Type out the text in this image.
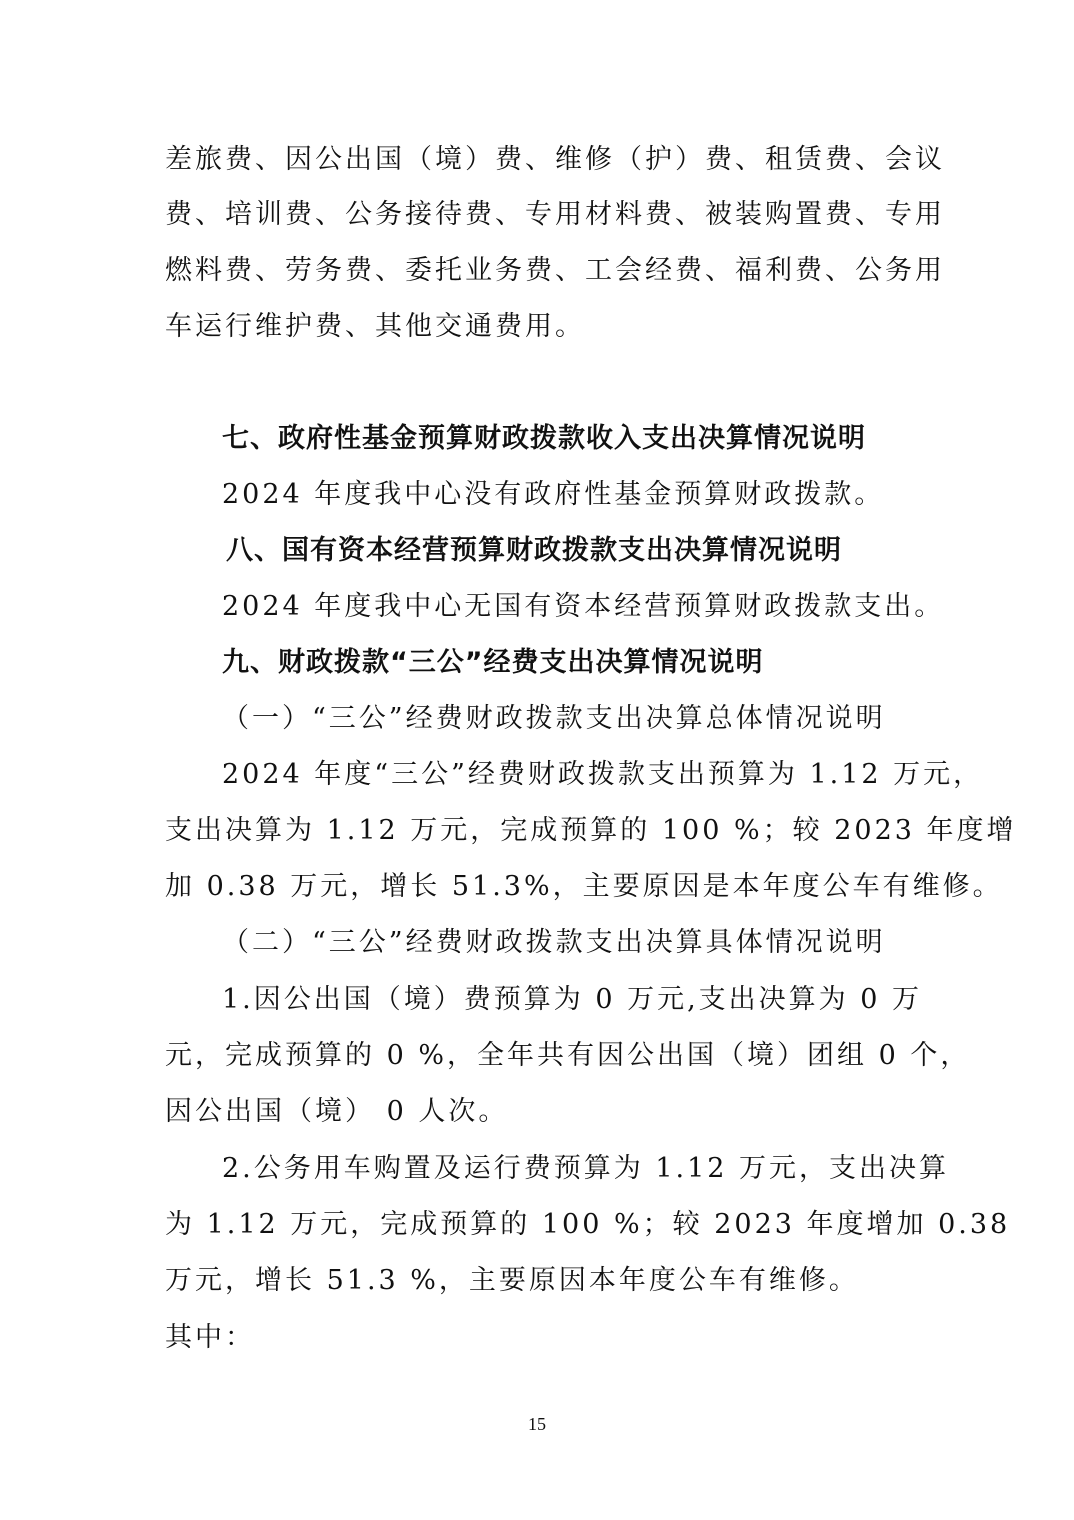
差旅费、因公出国（境）费、维修（护）费、租赁费、会议
费、培训费、公务接待费、专用材料费、被装购置费、专用
燃料费、劳务费、委托业务费、工会经费、福利费、公务用
车运行维护费、其他交通费用。
七、政府性基金预算财政拨款收入支出决算情况说明
2024 年度我中心没有政府性基金预算财政拨款。
八、国有资本经营预算财政拨款支出决算情况说明
2024 年度我中心无国有资本经营预算财政拨款支出。
九、财政拨款“三公”经费支出决算情况说明
（一）“三公”经费财政拨款支出决算总体情况说明
2024 年度“三公”经费财政拨款支出预算为 1.12 万元，
支出决算为 1.12 万元，完成预算的 100 %；较 2023 年度增
加 0.38 万元，增长 51.3%，主要原因是本年度公车有维修。
（二）“三公”经费财政拨款支出决算具体情况说明
1.因公出国（境）费预算为 0 万元,支出决算为 0 万
元，完成预算的 0 %，全年共有因公出国（境）团组 0 个，
因公出国（境） 0 人次。
2.公务用车购置及运行费预算为 1.12 万元，支出决算
为 1.12 万元，完成预算的 100 %；较 2023 年度增加 0.38
万元，增长 51.3 %，主要原因本年度公车有维修。
其中：
15
